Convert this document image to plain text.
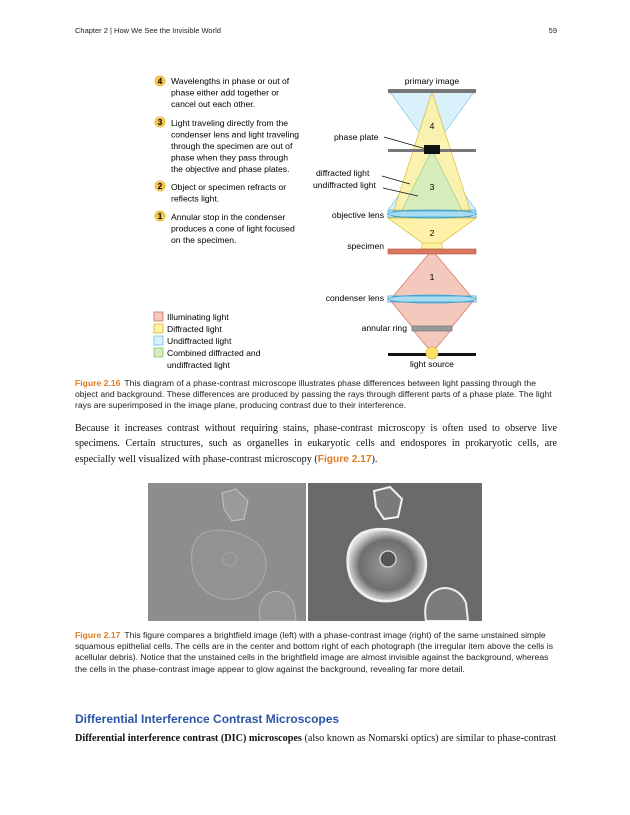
Chapter 2 | How We See the Invisible World	59
4 Wavelengths in phase or out of
phase either add together or
cancel out each other.
3 Light traveling directly from the
condenser lens and light traveling
through the specimen are out of
phase when they pass through
the objective and phase plates.
2 Object or specimen refracts or
reflects light.
1 Annular stop in the condenser
produces a cone of light focused
on the specimen.
Illuminating light
Diffracted light
Undiffracted light
Combined diffracted and
undiffracted light
4
3
2
1
primary image
phase plate
diffracted light
undiffracted light
objective lens
specimen
condenser lens
annular ring
light source
Figure 2.16 This diagram of a phase-contrast microscope illustrates phase differences between light passing through the object and background. These differences are produced by passing the rays through different parts of a phase plate. The light rays are superimposed in the image plane, producing contrast due to their interference.
Because it increases contrast without requiring stains, phase-contrast microscopy is often used to observe live specimens. Certain structures, such as organelles in eukaryotic cells and endospores in prokaryotic cells, are especially well visualized with phase-contrast microscopy (Figure 2.17).
Figure 2.17 This figure compares a brightfield image (left) with a phase-contrast image (right) of the same unstained simple squamous epithelial cells. The cells are in the center and bottom right of each photograph (the irregular item above the cells is acellular debris). Notice that the unstained cells in the brightfield image are almost invisible against the background, whereas the cells in the phase-contrast image appear to glow against the background, revealing far more detail.
Differential Interference Contrast Microscopes
Differential interference contrast (DIC) microscopes (also known as Nomarski optics) are similar to phase-contrast
